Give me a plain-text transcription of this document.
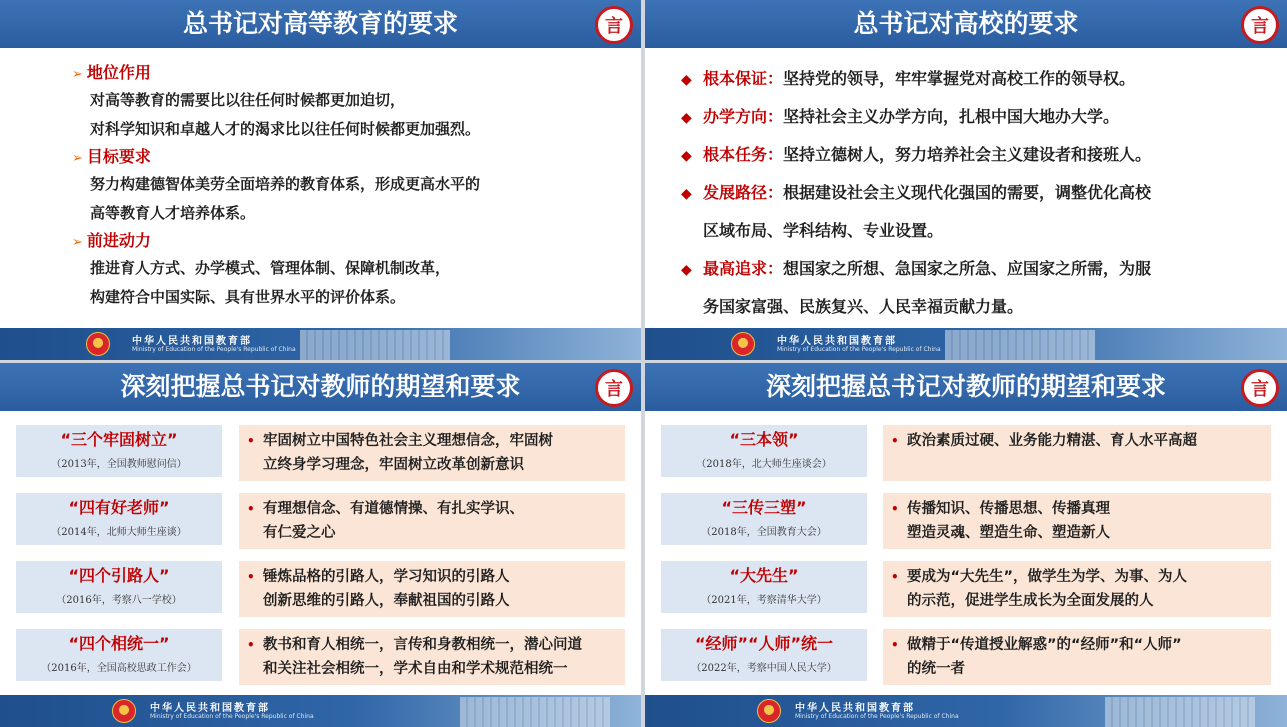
总书记对高等教育的要求	言
➢ 地位作用
对高等教育的需要比以往任何时候都更加迫切，
对科学知识和卓越人才的渴求比以往任何时候都更加强烈。
➢ 目标要求
努力构建德智体美劳全面培养的教育体系，形成更高水平的
高等教育人才培养体系。
➢ 前进动力
推进育人方式、办学模式、管理体制、保障机制改革，
构建符合中国实际、具有世界水平的评价体系。
中华人民共和国教育部
Ministry of Education of the People's Republic of China
总书记对高校的要求	言
◆ 根本保证：坚持党的领导，牢牢掌握党对高校工作的领导权。
◆ 办学方向：坚持社会主义办学方向，扎根中国大地办大学。
◆ 根本任务：坚持立德树人，努力培养社会主义建设者和接班人。
◆ 发展路径：根据建设社会主义现代化强国的需要，调整优化高校
区域布局、学科结构、专业设置。
◆ 最高追求：想国家之所想、急国家之所急、应国家之所需，为服
务国家富强、民族复兴、人民幸福贡献力量。
中华人民共和国教育部
Ministry of Education of the People's Republic of China
深刻把握总书记对教师的期望和要求	言
“三个牢固树立”
（2013年，全国教师慰问信）
• 牢固树立中国特色社会主义理想信念，牢固树
立终身学习理念，牢固树立改革创新意识
“四有好老师”
（2014年，北师大师生座谈）
• 有理想信念、有道德情操、有扎实学识、
有仁爱之心
“四个引路人”
（2016年，考察八一学校）
• 锤炼品格的引路人，学习知识的引路人
创新思维的引路人，奉献祖国的引路人
“四个相统一”
（2016年，全国高校思政工作会）
• 教书和育人相统一，言传和身教相统一，潜心问道
和关注社会相统一，学术自由和学术规范相统一
中华人民共和国教育部
Ministry of Education of the People's Republic of China
深刻把握总书记对教师的期望和要求	言
“三本领”
（2018年，北大师生座谈会）
• 政治素质过硬、业务能力精湛、育人水平高超
“三传三塑”
（2018年，全国教育大会）
• 传播知识、传播思想、传播真理
塑造灵魂、塑造生命、塑造新人
“大先生”
（2021年，考察清华大学）
• 要成为“大先生”，做学生为学、为事、为人
的示范，促进学生成长为全面发展的人
“经师”“人师”统一
（2022年，考察中国人民大学）
• 做精于“传道授业解惑”的“经师”和“人师”
的统一者
中华人民共和国教育部
Ministry of Education of the People's Republic of China
